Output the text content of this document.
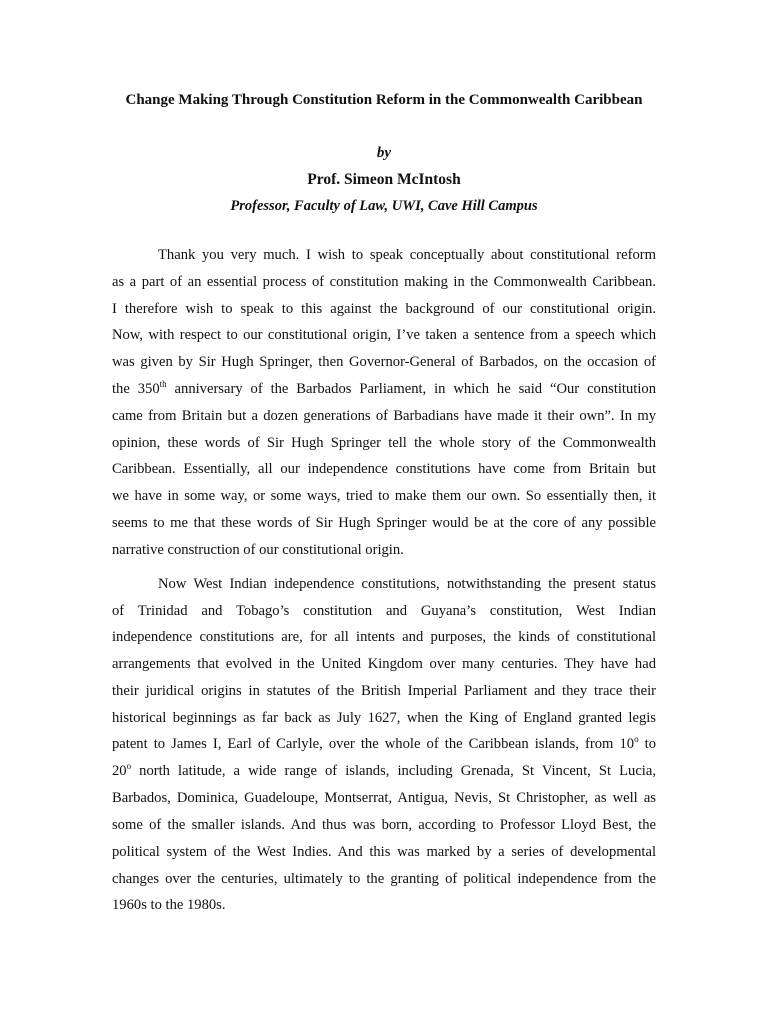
Change Making Through Constitution Reform in the Commonwealth Caribbean
by
Prof. Simeon McIntosh
Professor, Faculty of Law, UWI, Cave Hill Campus
Thank you very much. I wish to speak conceptually about constitutional reform
as a part of an essential process of constitution making in the Commonwealth Caribbean.
I therefore wish to speak to this against the background of our constitutional origin.
Now, with respect to our constitutional origin, I’ve taken a sentence from a speech which
was given by Sir Hugh Springer, then Governor-General of Barbados, on the occasion of
the 350th anniversary of the Barbados Parliament, in which he said “Our constitution
came from Britain but a dozen generations of Barbadians have made it their own”. In my
opinion, these words of Sir Hugh Springer tell the whole story of the Commonwealth
Caribbean. Essentially, all our independence constitutions have come from Britain but
we have in some way, or some ways, tried to make them our own. So essentially then, it
seems to me that these words of Sir Hugh Springer would be at the core of any possible
narrative construction of our constitutional origin.
Now West Indian independence constitutions, notwithstanding the present status
of Trinidad and Tobago’s constitution and Guyana’s constitution, West Indian
independence constitutions are, for all intents and purposes, the kinds of constitutional
arrangements that evolved in the United Kingdom over many centuries. They have had
their juridical origins in statutes of the British Imperial Parliament and they trace their
historical beginnings as far back as July 1627, when the King of England granted legis
patent to James I, Earl of Carlyle, over the whole of the Caribbean islands, from 10$^o$ to
20$^o$ north latitude, a wide range of islands, including Grenada, St Vincent, St Lucia,
Barbados, Dominica, Guadeloupe, Montserrat, Antigua, Nevis, St Christopher, as well as
some of the smaller islands. And thus was born, according to Professor Lloyd Best, the
political system of the West Indies. And this was marked by a series of developmental
changes over the centuries, ultimately to the granting of political independence from the
1960s to the 1980s.
